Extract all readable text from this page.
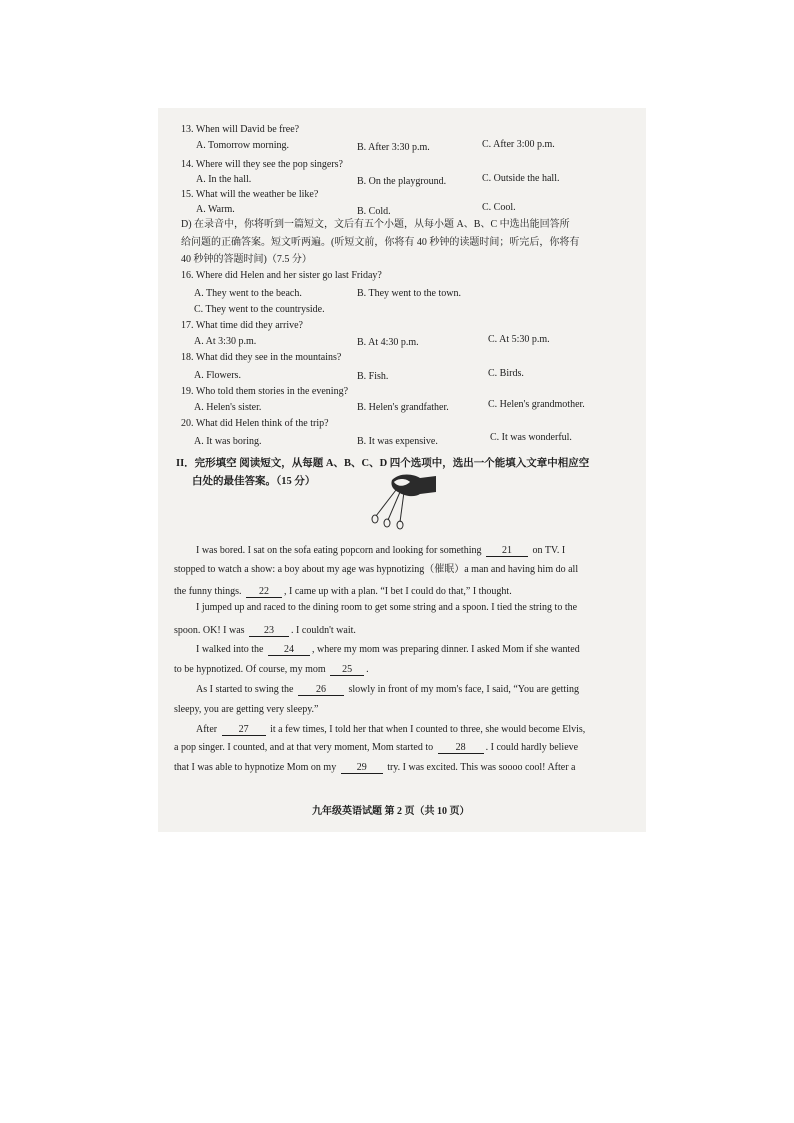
13. When will David be free?
A. Tomorrow morning.	B. After 3:30 p.m.	C. After 3:00 p.m.
14. Where will they see the pop singers?
A. In the hall.	B. On the playground.	C. Outside the hall.
15. What will the weather be like?
A. Warm.	B. Cold.	C. Cool.
D) 在录音中，你将听到一篇短文，文后有五个小题，从每小题 A、B、C 中选出能回答所
给问题的正确答案。短文听两遍。(听短文前，你将有 40 秒钟的读题时间；听完后，你将有
40 秒钟的答题时间)（7.5 分）
16. Where did Helen and her sister go last Friday?
A. They went to the beach.	B. They went to the town.
C. They went to the countryside.
17. What time did they arrive?
A. At 3:30 p.m.	B. At 4:30 p.m.	C. At 5:30 p.m.
18. What did they see in the mountains?
A. Flowers.	B. Fish.	C. Birds.
19. Who told them stories in the evening?
A. Helen's sister.	B. Helen's grandfather.	C. Helen's grandmother.
20. What did Helen think of the trip?
A. It was boring.	B. It was expensive.	C. It was wonderful.
II．完形填空 阅读短文，从每题 A、B、C、D 四个选项中，选出一个能填入文章中相应空
白处的最佳答案。（15 分）
I was bored. I sat on the sofa eating popcorn and looking for something 21 on TV. I
stopped to watch a show: a boy about my age was hypnotizing（催眠）a man and having him do all
the funny things. 22 , I came up with a plan. “I bet I could do that,” I thought.
I jumped up and raced to the dining room to get some string and a spoon. I tied the string to the
spoon. OK! I was 23 . I couldn't wait.
I walked into the 24 , where my mom was preparing dinner. I asked Mom if she wanted
to be hypnotized. Of course, my mom 25 .
As I started to swing the 26 slowly in front of my mom's face, I said, “You are getting
sleepy, you are getting very sleepy.”
After 27 it a few times, I told her that when I counted to three, she would become Elvis,
a pop singer. I counted, and at that very moment, Mom started to 28 . I could hardly believe
that I was able to hypnotize Mom on my 29 try. I was excited. This was soooo cool! After a
九年级英语试题 第 2 页（共 10 页）
